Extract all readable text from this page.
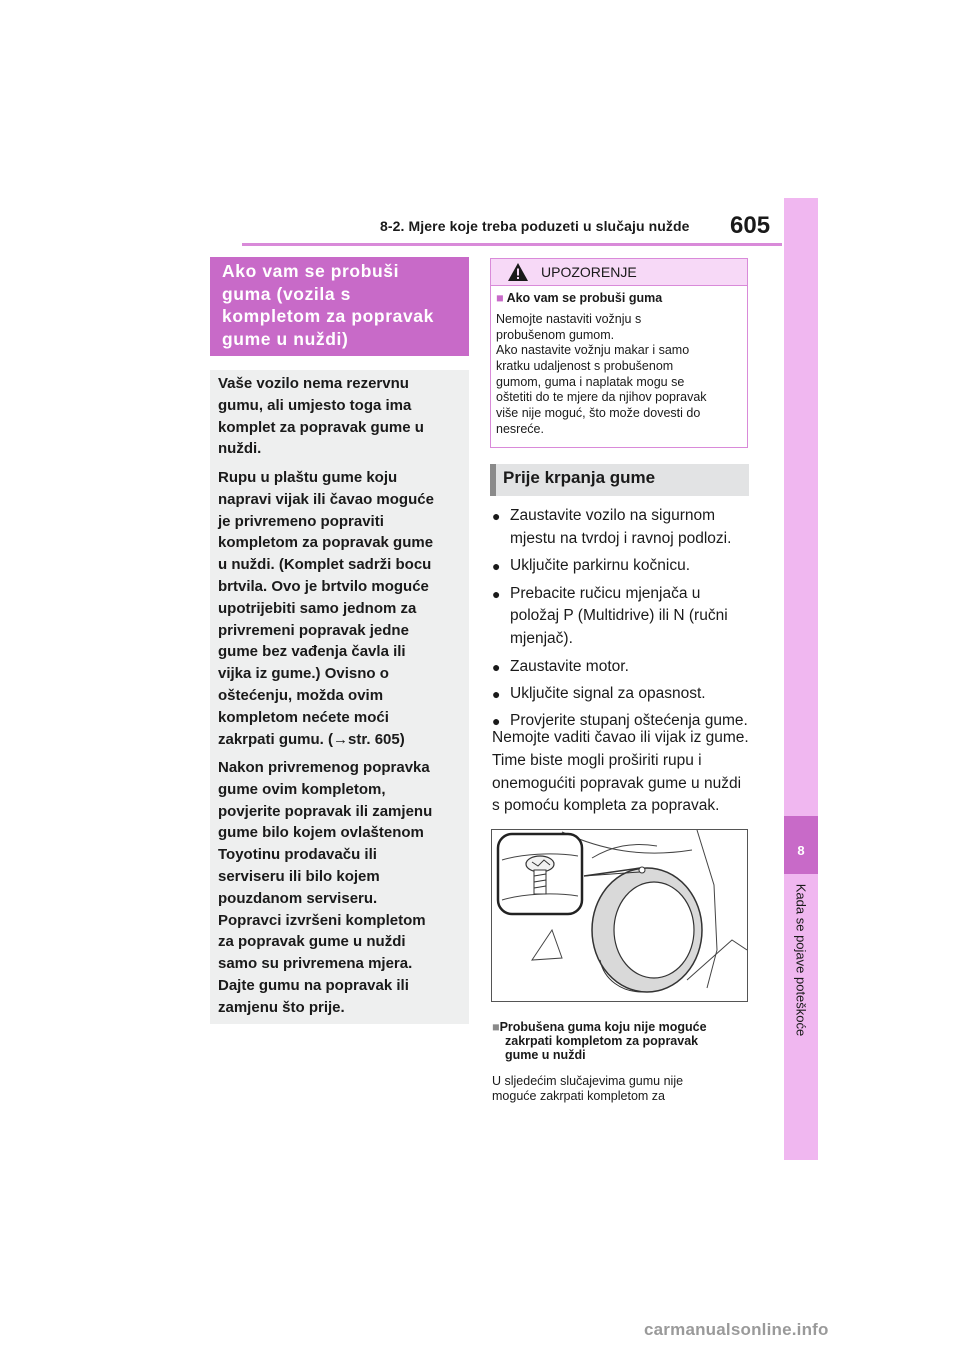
8-2. Mjere koje treba poduzeti u slučaju nužde 605
8
Kada se pojave poteškoće
Ako vam se probuši
guma (vozila s
kompletom za popravak
gume u nuždi)
Vaše vozilo nema rezervnu
gumu, ali umjesto toga ima
komplet za popravak gume u
nuždi.
Rupu u plaštu gume koju
napravi vijak ili čavao moguće
je privremeno popraviti
kompletom za popravak gume
u nuždi. (Komplet sadrži bocu
brtvila. Ovo je brtvilo moguće
upotrijebiti samo jednom za
privremeni popravak jedne
gume bez vađenja čavla ili
vijka iz gume.) Ovisno o
oštećenju, možda ovim
kompletom nećete moći
zakrpati gumu. (→str. 605)
Nakon privremenog popravka
gume ovim kompletom,
povjerite popravak ili zamjenu
gume bilo kojem ovlaštenom
Toyotinu prodavaču ili
serviseru ili bilo kojem
pouzdanom serviseru.
Popravci izvršeni kompletom
za popravak gume u nuždi
samo su privremena mjera.
Dajte gumu na popravak ili
zamjenu što prije.
UPOZORENJE
■ Ako vam se probuši guma
Nemojte nastaviti vožnju s
probušenom gumom.
Ako nastavite vožnju makar i samo
kratku udaljenost s probušenom
gumom, guma i naplatak mogu se
oštetiti do te mjere da njihov popravak
više nije moguć, što može dovesti do
nesreće.
Prije krpanja gume
● Zaustavite vozilo na sigurnom
mjestu na tvrdoj i ravnoj podlozi.
● Uključite parkirnu kočnicu.
● Prebacite ručicu mjenjača u
položaj P (Multidrive) ili N (ručni
mjenjač).
● Zaustavite motor.
● Uključite signal za opasnost.
● Provjerite stupanj oštećenja gume.
Nemojte vaditi čavao ili vijak iz gume.
Time biste mogli proširiti rupu i
onemogućiti popravak gume u nuždi
s pomoću kompleta za popravak.
■Probušena guma koju nije moguće
zakrpati kompletom za popravak
gume u nuždi
U sljedećim slučajevima gumu nije
moguće zakrpati kompletom za
carmanualsonline.info
